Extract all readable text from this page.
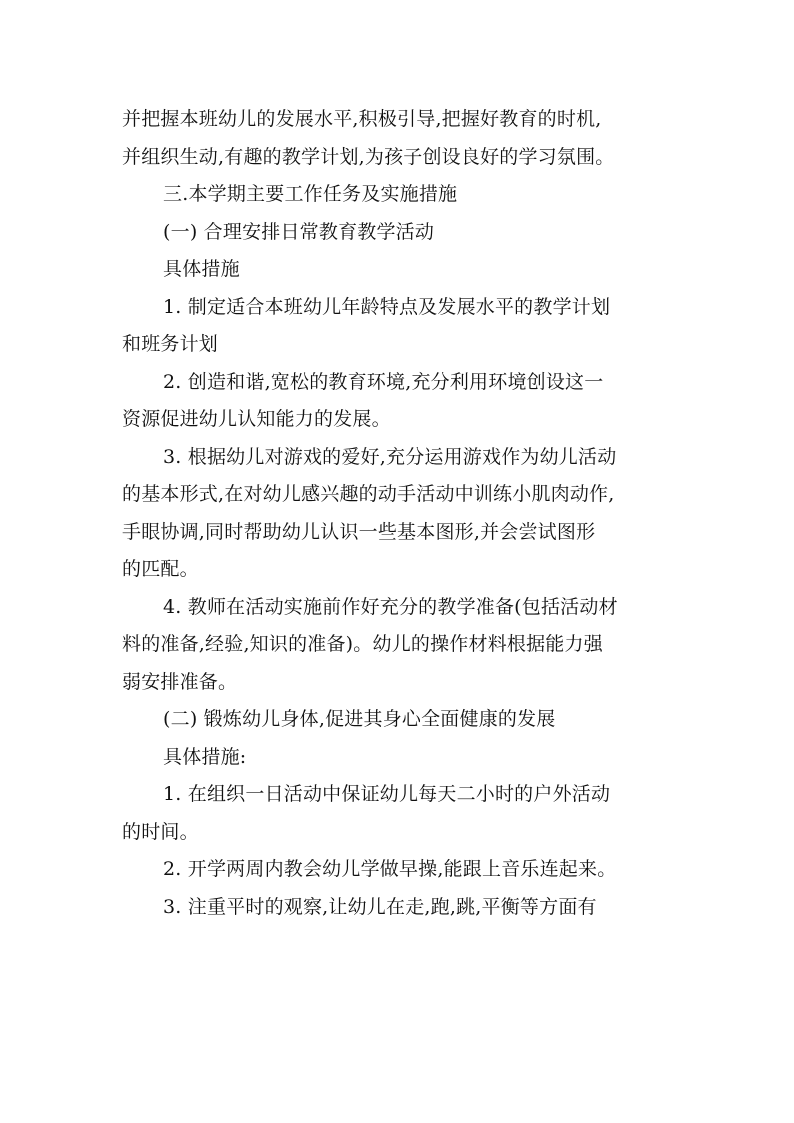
并把握本班幼儿的发展水平,积极引导,把握好教育的时机,
并组织生动,有趣的教学计划,为孩子创设良好的学习氛围。
三.本学期主要工作任务及实施措施
(一) 合理安排日常教育教学活动
具体措施
1. 制定适合本班幼儿年龄特点及发展水平的教学计划
和班务计划
2. 创造和谐,宽松的教育环境,充分利用环境创设这一
资源促进幼儿认知能力的发展。
3. 根据幼儿对游戏的爱好,充分运用游戏作为幼儿活动
的基本形式,在对幼儿感兴趣的动手活动中训练小肌肉动作,
手眼协调,同时帮助幼儿认识一些基本图形,并会尝试图形
的匹配。
4. 教师在活动实施前作好充分的教学准备(包括活动材
料的准备,经验,知识的准备)。幼儿的操作材料根据能力强
弱安排准备。
(二) 锻炼幼儿身体,促进其身心全面健康的发展
具体措施:
1. 在组织一日活动中保证幼儿每天二小时的户外活动
的时间。
2. 开学两周内教会幼儿学做早操,能跟上音乐连起来。
3. 注重平时的观察,让幼儿在走,跑,跳,平衡等方面有
